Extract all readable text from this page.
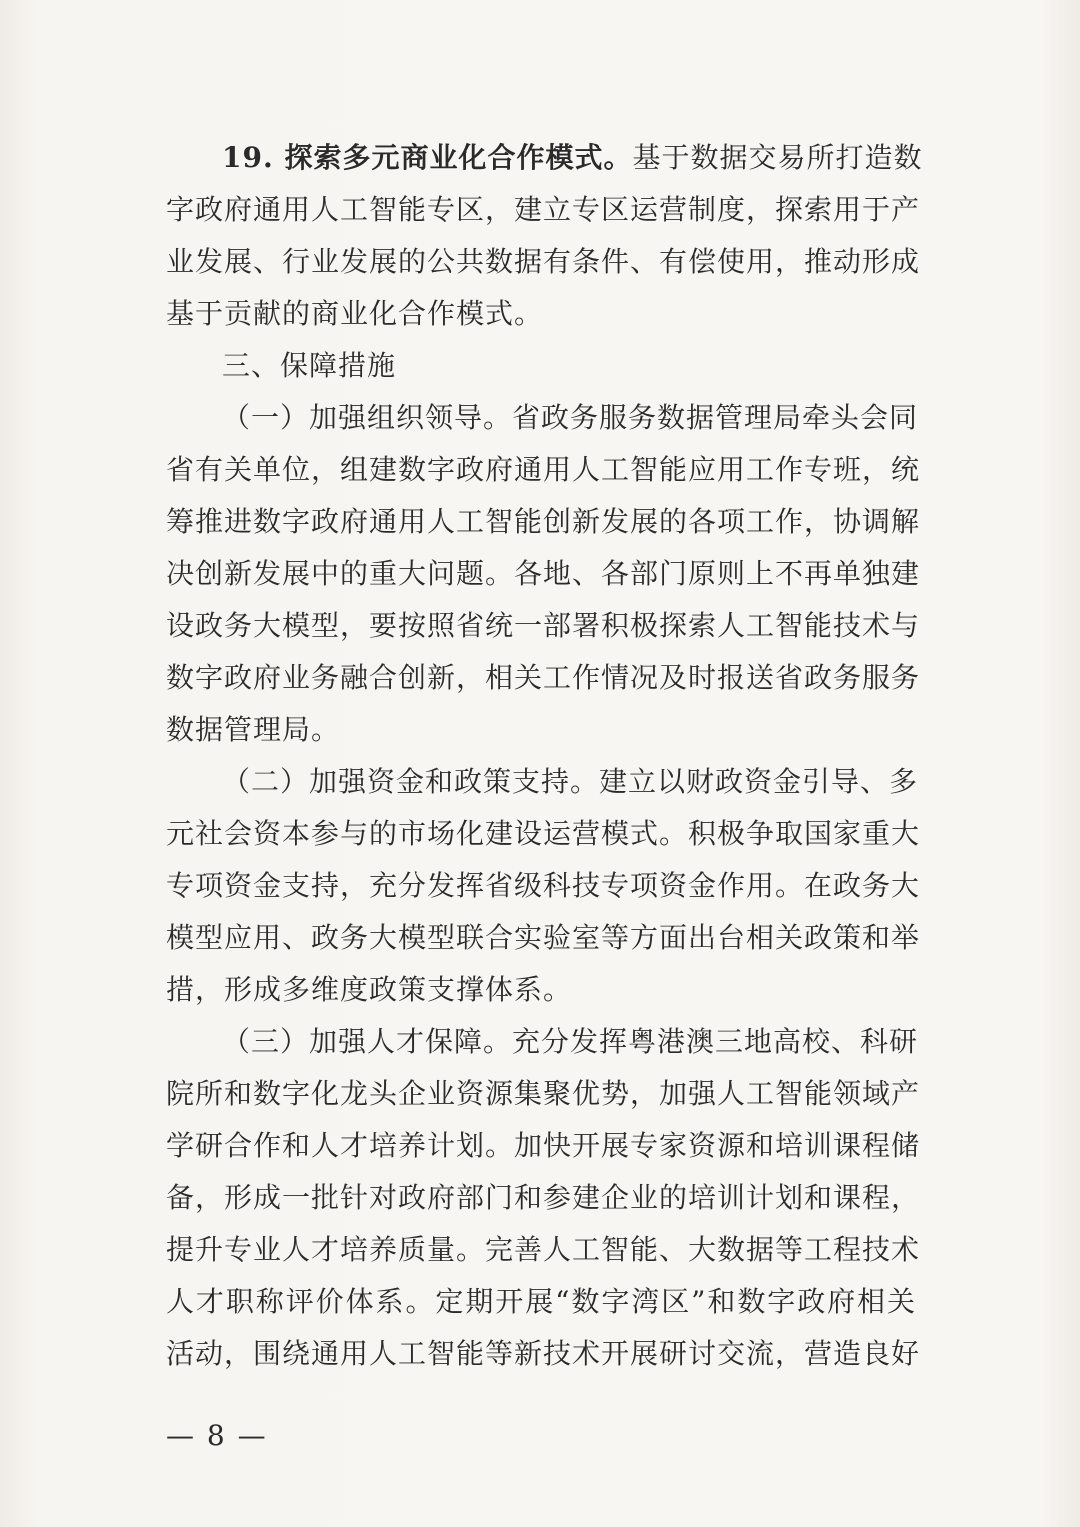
19. 探索多元商业化合作模式。基于数据交易所打造数
字政府通用人工智能专区，建立专区运营制度，探索用于产
业发展、行业发展的公共数据有条件、有偿使用，推动形成
基于贡献的商业化合作模式。
三、保障措施
（一）加强组织领导。省政务服务数据管理局牵头会同
省有关单位，组建数字政府通用人工智能应用工作专班，统
筹推进数字政府通用人工智能创新发展的各项工作，协调解
决创新发展中的重大问题。各地、各部门原则上不再单独建
设政务大模型，要按照省统一部署积极探索人工智能技术与
数字政府业务融合创新，相关工作情况及时报送省政务服务
数据管理局。
（二）加强资金和政策支持。建立以财政资金引导、多
元社会资本参与的市场化建设运营模式。积极争取国家重大
专项资金支持，充分发挥省级科技专项资金作用。在政务大
模型应用、政务大模型联合实验室等方面出台相关政策和举
措，形成多维度政策支撑体系。
（三）加强人才保障。充分发挥粤港澳三地高校、科研
院所和数字化龙头企业资源集聚优势，加强人工智能领域产
学研合作和人才培养计划。加快开展专家资源和培训课程储
备，形成一批针对政府部门和参建企业的培训计划和课程，
提升专业人才培养质量。完善人工智能、大数据等工程技术
人才职称评价体系。定期开展“数字湾区”和数字政府相关
活动，围绕通用人工智能等新技术开展研讨交流，营造良好
— 8 —
